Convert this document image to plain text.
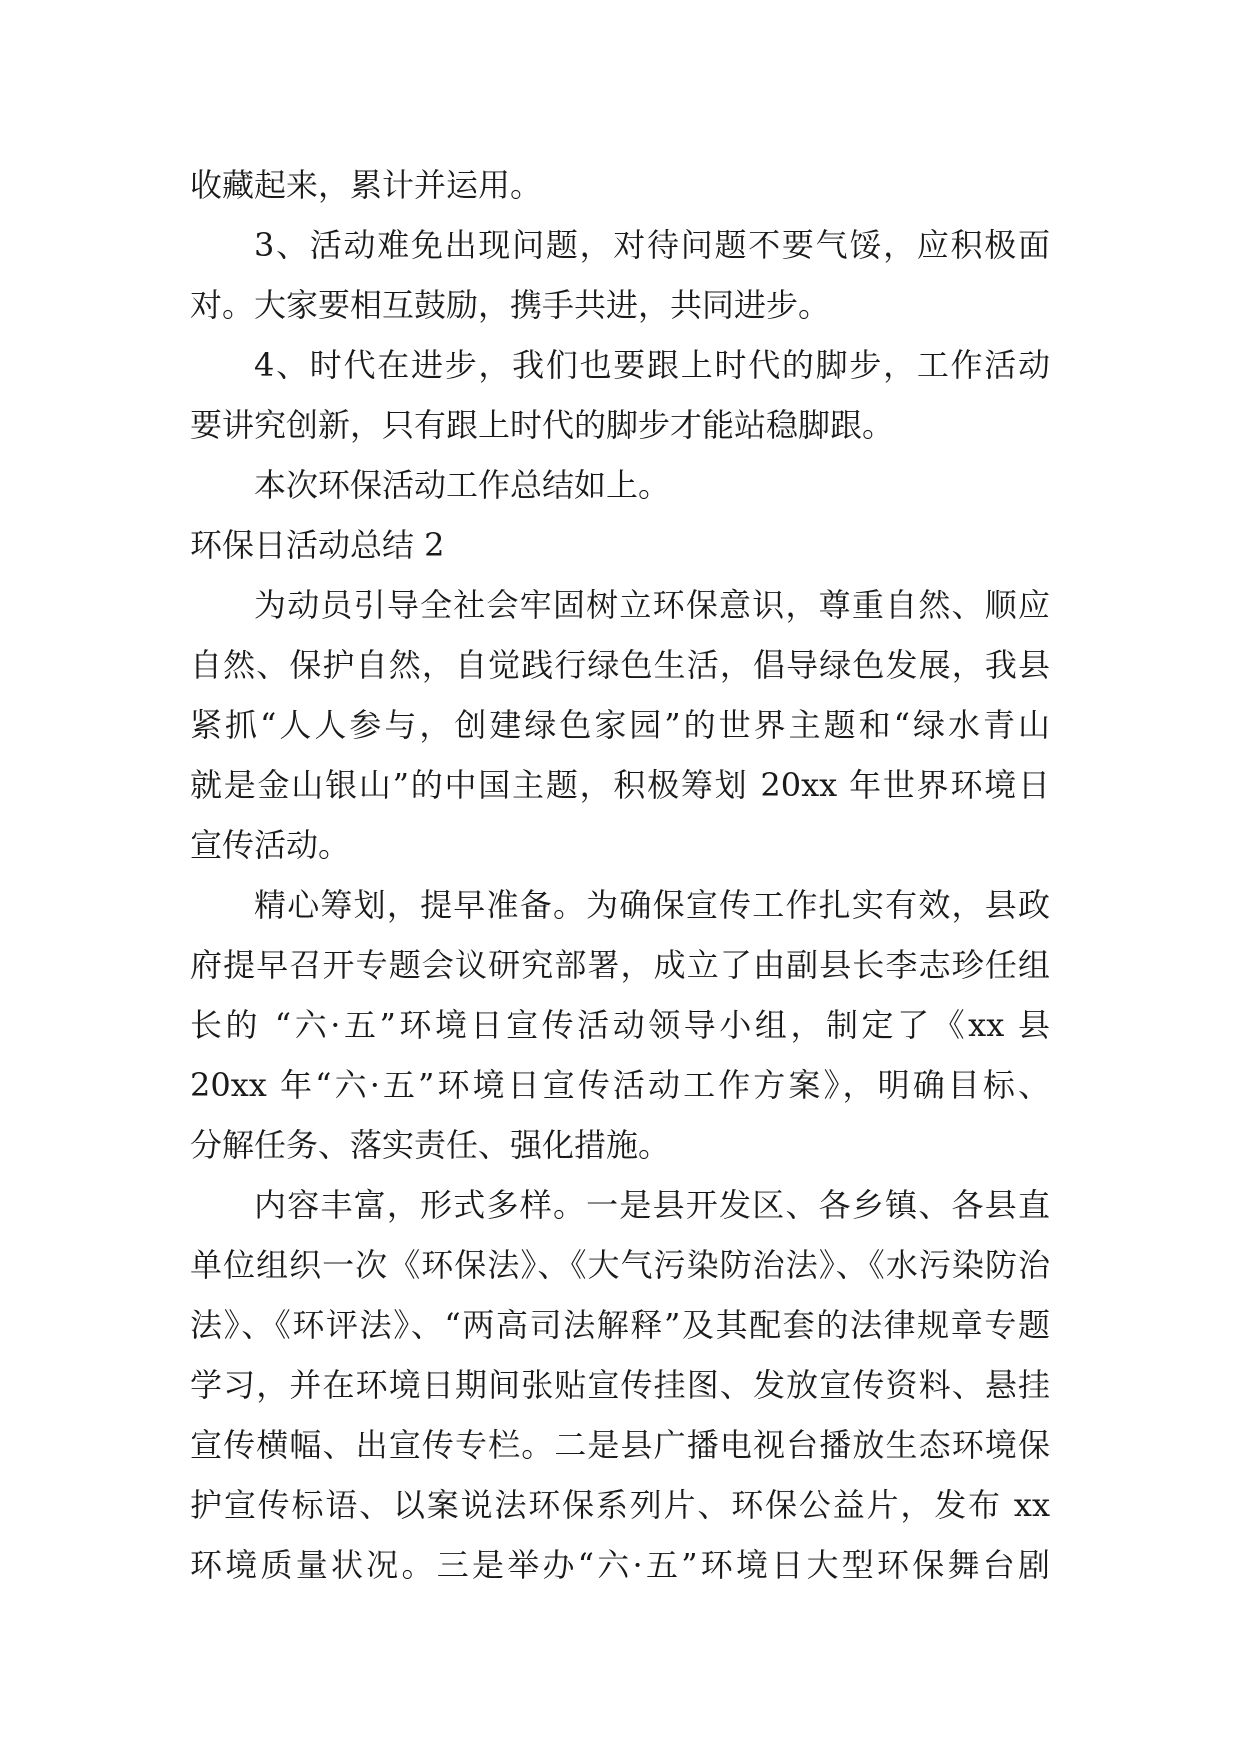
收藏起来，累计并运用。
3、活动难免出现问题，对待问题不要气馁，应积极面
对。大家要相互鼓励，携手共进，共同进步。
4、时代在进步，我们也要跟上时代的脚步，工作活动
要讲究创新，只有跟上时代的脚步才能站稳脚跟。
本次环保活动工作总结如上。
环保日活动总结 2
为动员引导全社会牢固树立环保意识，尊重自然、顺应
自然、保护自然，自觉践行绿色生活，倡导绿色发展，我县
紧抓“人人参与，创建绿色家园”的世界主题和“绿水青山
就是金山银山”的中国主题，积极筹划 20xx 年世界环境日
宣传活动。
精心筹划，提早准备。为确保宣传工作扎实有效，县政
府提早召开专题会议研究部署，成立了由副县长李志珍任组
长的 “六·五”环境日宣传活动领导小组，制定了《xx 县
20xx 年“六·五”环境日宣传活动工作方案》，明确目标、
分解任务、落实责任、强化措施。
内容丰富，形式多样。一是县开发区、各乡镇、各县直
单位组织一次《环保法》、《大气污染防治法》、《水污染防治
法》、《环评法》、“两高司法解释”及其配套的法律规章专题
学习，并在环境日期间张贴宣传挂图、发放宣传资料、悬挂
宣传横幅、出宣传专栏。二是县广播电视台播放生态环境保
护宣传标语、以案说法环保系列片、环保公益片，发布 xx
环境质量状况。三是举办“六·五”环境日大型环保舞台剧
